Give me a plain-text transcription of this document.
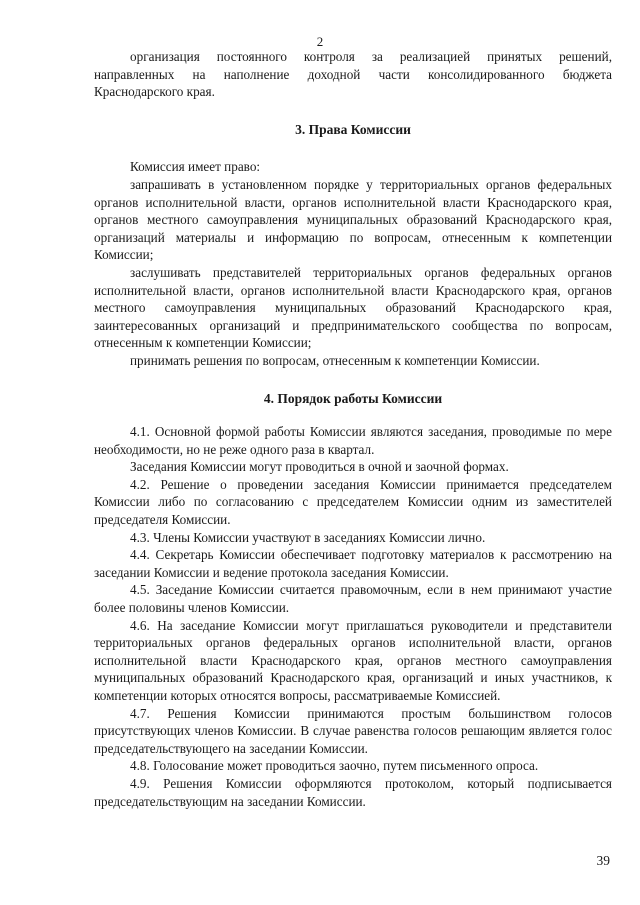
2

организация постоянного контроля за реализацией принятых решений, направленных на наполнение доходной части консолидированного бюджета Краснодарского края.

3. Права Комиссии

Комиссия имеет право:

запрашивать в установленном порядке у территориальных органов федеральных органов исполнительной власти, органов исполнительной власти Краснодарского края, органов местного самоуправления муниципальных образований Краснодарского края, организаций материалы и информацию по вопросам, отнесенным к компетенции Комиссии;

заслушивать представителей территориальных органов федеральных органов исполнительной власти, органов исполнительной власти Краснодарского края, органов местного самоуправления муниципальных образований Краснодарского края, заинтересованных организаций и предпринимательского сообщества по вопросам, отнесенным к компетенции Комиссии;

принимать решения по вопросам, отнесенным к компетенции Комиссии.

4. Порядок работы Комиссии

4.1. Основной формой работы Комиссии являются заседания, проводимые по мере необходимости, но не реже одного раза в квартал.

Заседания Комиссии могут проводиться в очной и заочной формах.

4.2. Решение о проведении заседания Комиссии принимается председателем Комиссии либо по согласованию с председателем Комиссии одним из заместителей председателя Комиссии.

4.3. Члены Комиссии участвуют в заседаниях Комиссии лично.

4.4. Секретарь Комиссии обеспечивает подготовку материалов к рассмотрению на заседании Комиссии и ведение протокола заседания Комиссии.

4.5. Заседание Комиссии считается правомочным, если в нем принимают участие более половины членов Комиссии.

4.6. На заседание Комиссии могут приглашаться руководители и представители территориальных органов федеральных органов исполнительной власти, органов исполнительной власти Краснодарского края, органов местного самоуправления муниципальных образований Краснодарского края, организаций и иных участников, к компетенции которых относятся вопросы, рассматриваемые Комиссией.

4.7. Решения Комиссии принимаются простым большинством голосов присутствующих членов Комиссии. В случае равенства голосов решающим является голос председательствующего на заседании Комиссии.

4.8. Голосование может проводиться заочно, путем письменного опроса.

4.9. Решения Комиссии оформляются протоколом, который подписывается председательствующим на заседании Комиссии.

39
